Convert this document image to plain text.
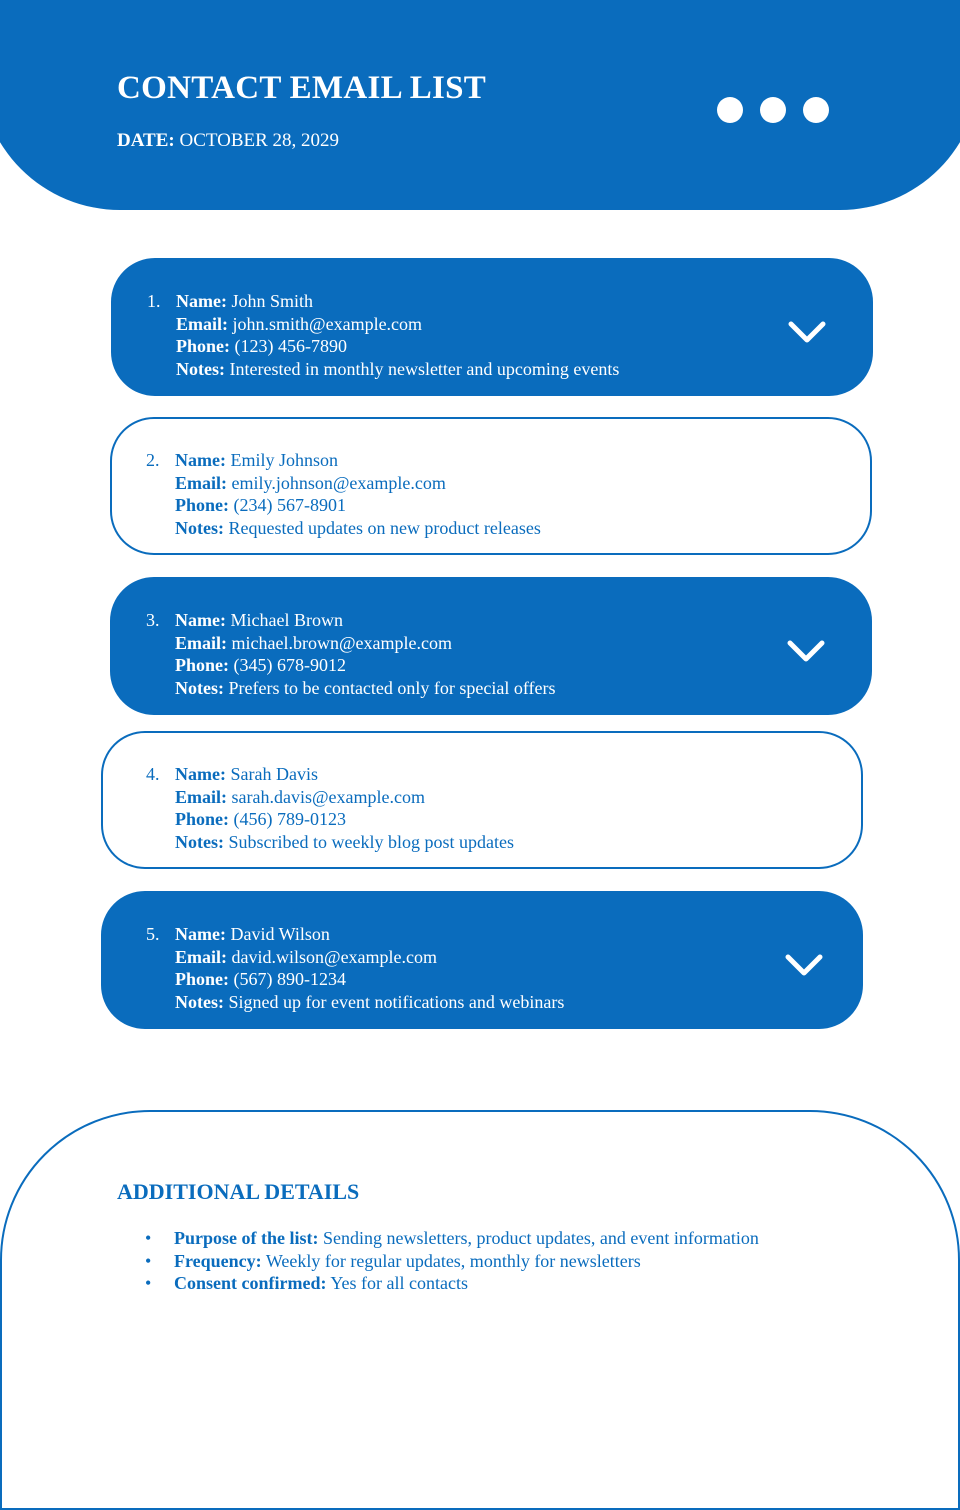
CONTACT EMAIL LIST
DATE: OCTOBER 28, 2029
1. Name: John Smith
Email: john.smith@example.com
Phone: (123) 456-7890
Notes: Interested in monthly newsletter and upcoming events
2. Name: Emily Johnson
Email: emily.johnson@example.com
Phone: (234) 567-8901
Notes: Requested updates on new product releases
3. Name: Michael Brown
Email: michael.brown@example.com
Phone: (345) 678-9012
Notes: Prefers to be contacted only for special offers
4. Name: Sarah Davis
Email: sarah.davis@example.com
Phone: (456) 789-0123
Notes: Subscribed to weekly blog post updates
5. Name: David Wilson
Email: david.wilson@example.com
Phone: (567) 890-1234
Notes: Signed up for event notifications and webinars
ADDITIONAL DETAILS
• Purpose of the list: Sending newsletters, product updates, and event information
• Frequency: Weekly for regular updates, monthly for newsletters
• Consent confirmed: Yes for all contacts
